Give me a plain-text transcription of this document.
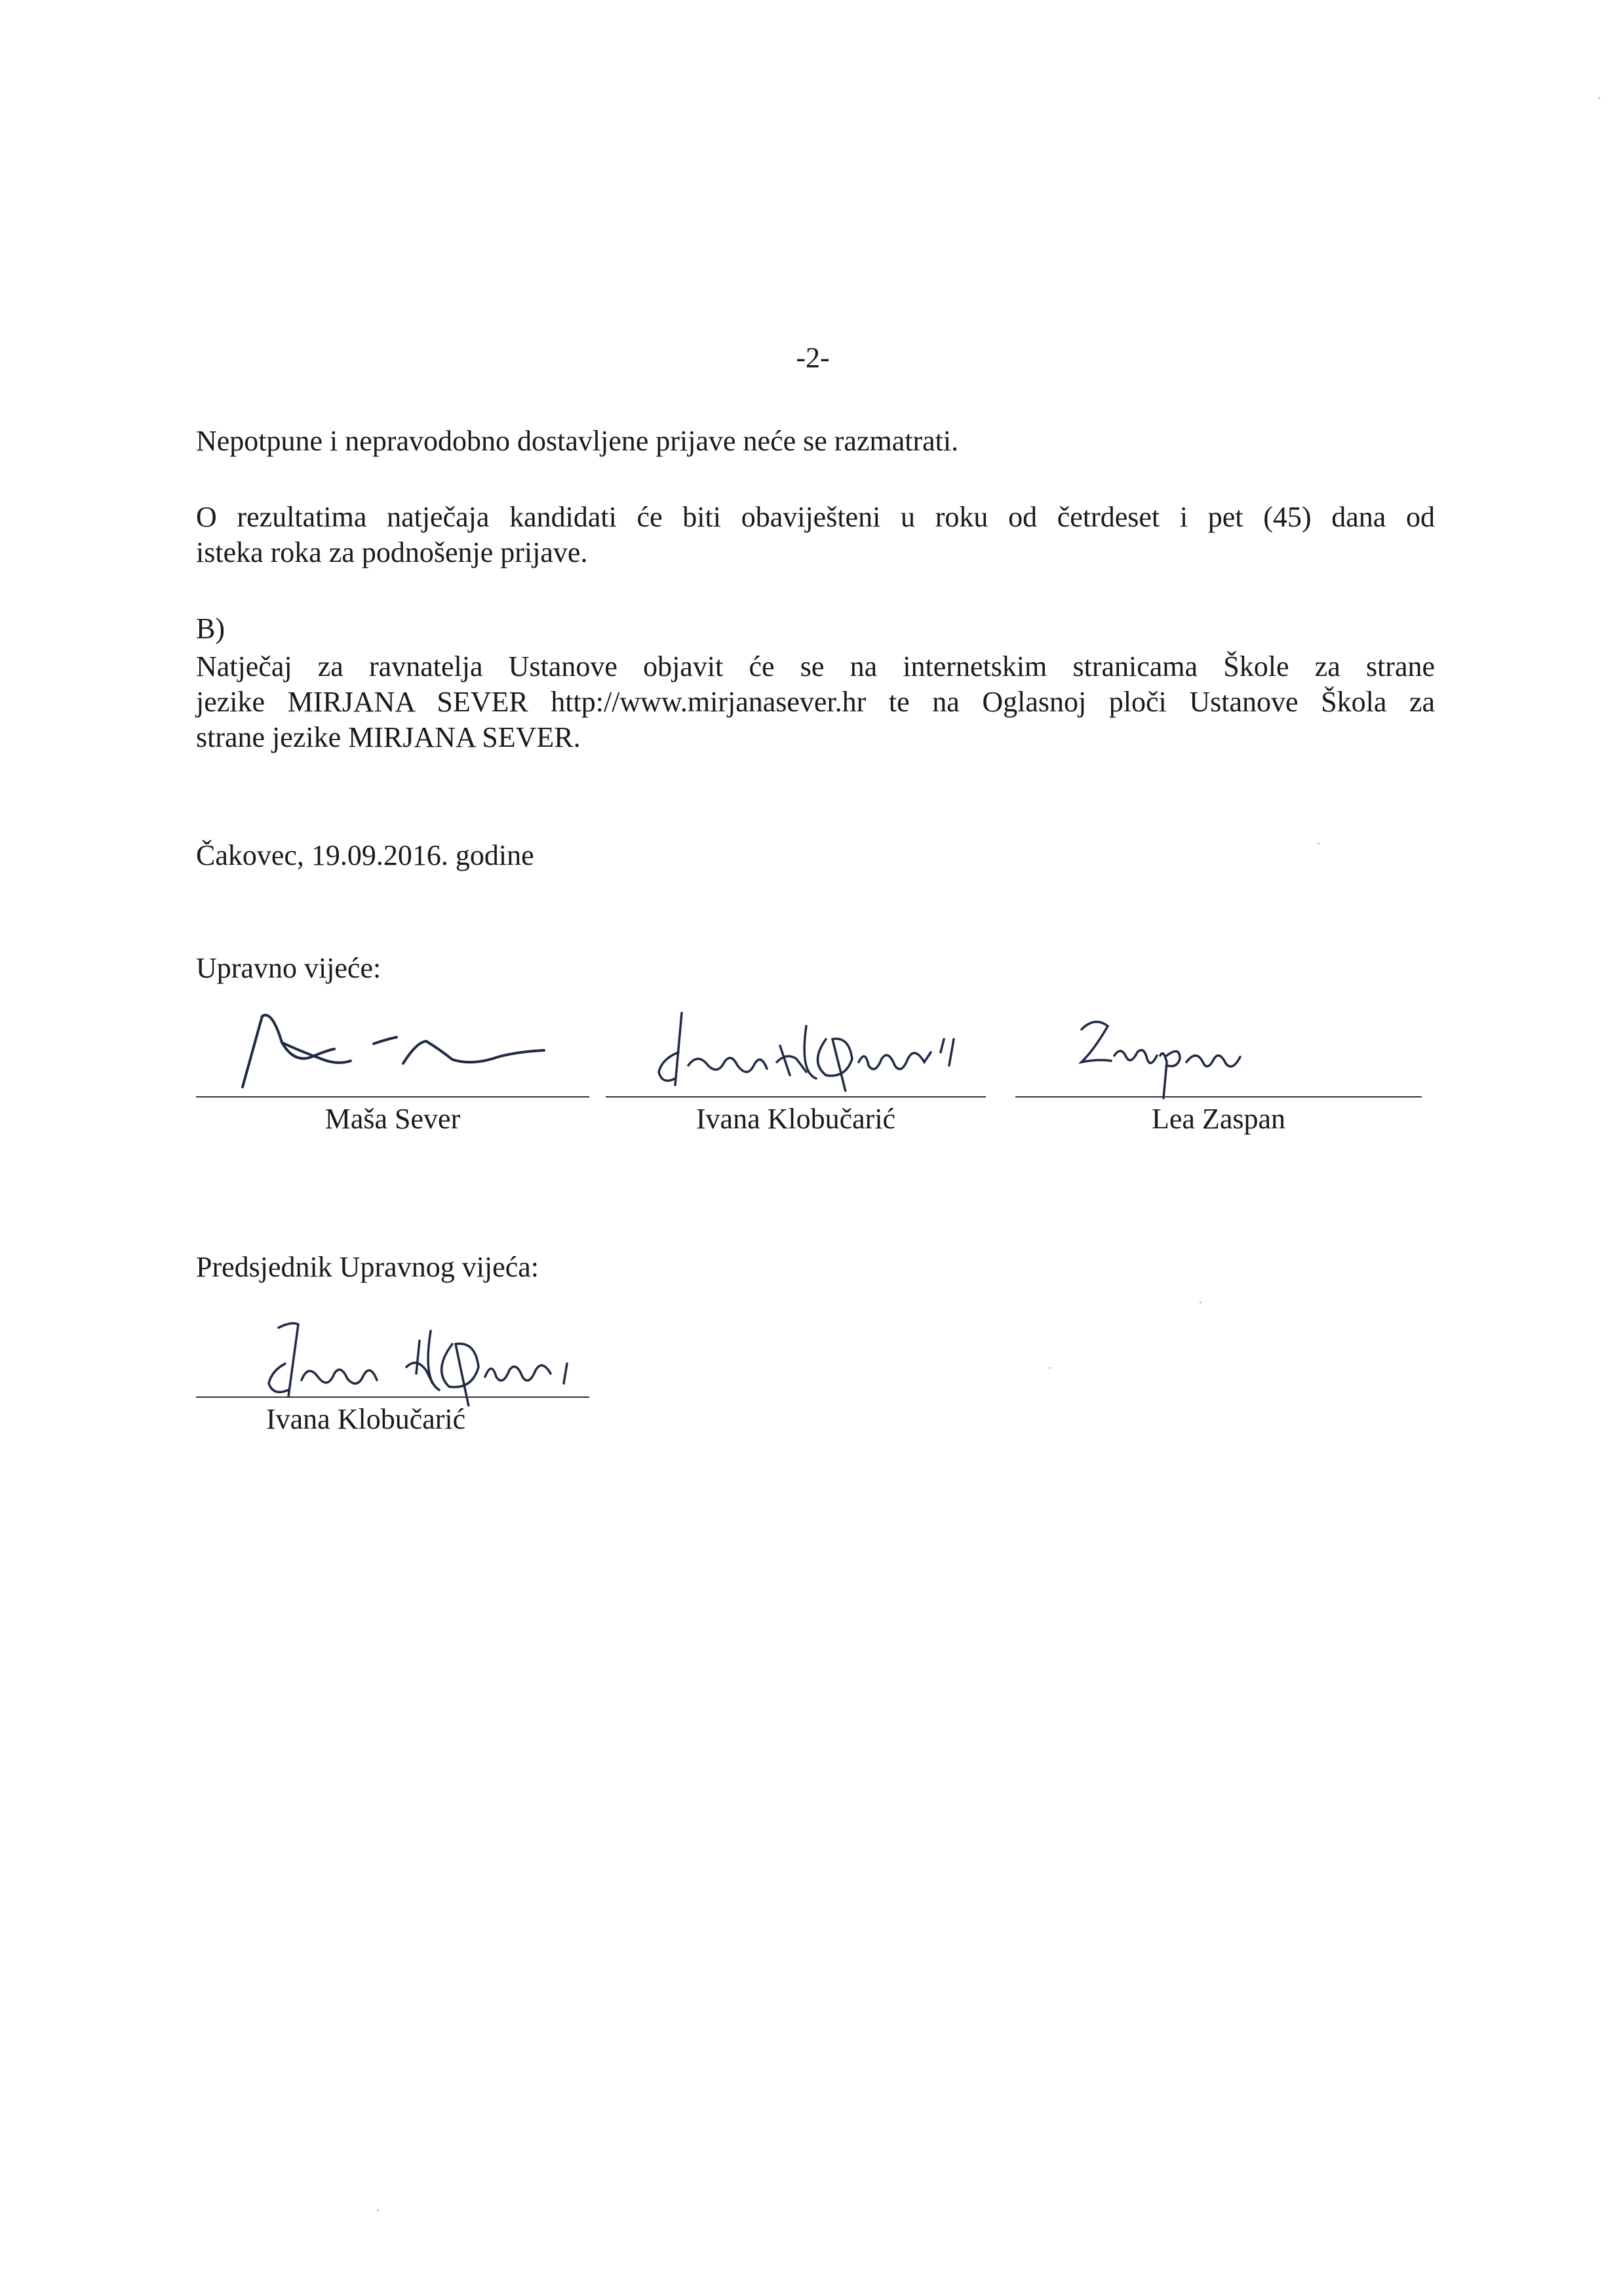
-2-
Nepotpune i nepravodobno dostavljene prijave neće se razmatrati.
O rezultatima natječaja kandidati će biti obaviješteni u roku od četrdeset i pet (45) dana od
isteka roka za podnošenje prijave.
B)
Natječaj za ravnatelja Ustanove objavit će se na internetskim stranicama Škole za strane
jezike MIRJANA SEVER http://www.mirjanasever.hr te na Oglasnoj ploči Ustanove Škola za
strane jezike MIRJANA SEVER.
Čakovec, 19.09.2016. godine
Upravno vijeće:
Maša Sever	Ivana Klobučarić	Lea Zaspan
Predsjednik Upravnog vijeća:
Ivana Klobučarić
